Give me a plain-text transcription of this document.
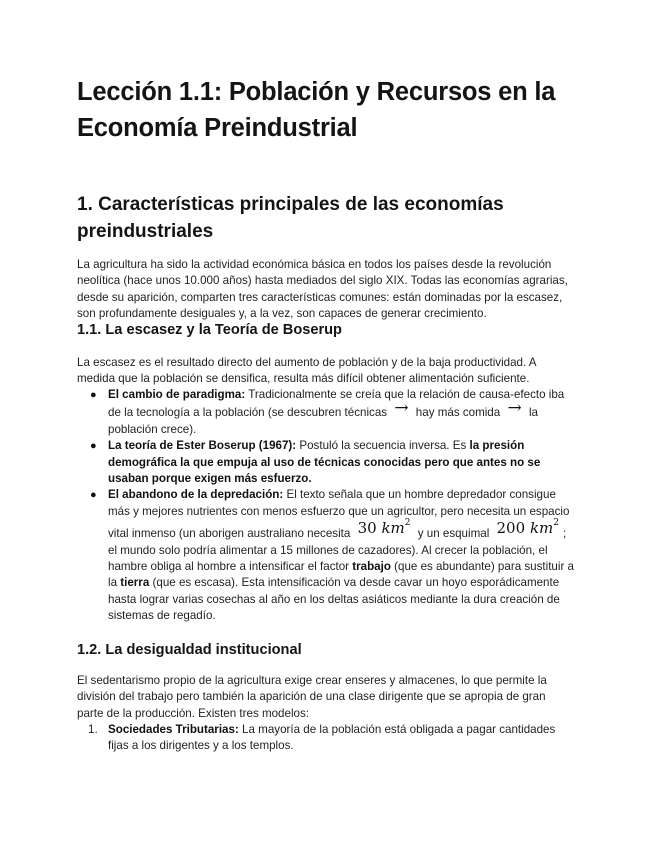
Lección 1.1: Población y Recursos en la Economía Preindustrial
1. Características principales de las economías preindustriales

La agricultura ha sido la actividad económica básica en todos los países desde la revolución neolítica (hace unos 10.000 años) hasta mediados del siglo XIX. Todas las economías agrarias, desde su aparición, comparten tres características comunes: están dominadas por la escasez, son profundamente desiguales y, a la vez, son capaces de generar crecimiento.

1.1. La escasez y la Teoría de Boserup

La escasez es el resultado directo del aumento de población y de la baja productividad. A medida que la población se densifica, resulta más difícil obtener alimentación suficiente.

● El cambio de paradigma: Tradicionalmente se creía que la relación de causa-efecto iba de la tecnología a la población (se descubren técnicas → hay más comida → la población crece).
● La teoría de Ester Boserup (1967): Postuló la secuencia inversa. Es la presión demográfica la que empuja al uso de técnicas conocidas pero que antes no se usaban porque exigen más esfuerzo.
● El abandono de la depredación: El texto señala que un hombre depredador consigue más y mejores nutrientes con menos esfuerzo que un agricultor, pero necesita un espacio vital inmenso (un aborigen australiano necesita 30 $km^2$ y un esquimal 200 $km^2$; el mundo solo podría alimentar a 15 millones de cazadores). Al crecer la población, el hambre obliga al hombre a intensificar el factor trabajo (que es abundante) para sustituir a la tierra (que es escasa). Esta intensificación va desde cavar un hoyo esporádicamente hasta lograr varias cosechas al año en los deltas asiáticos mediante la dura creación de sistemas de regadío.
1.2. La desigualdad institucional

El sedentarismo propio de la agricultura exige crear enseres y almacenes, lo que permite la división del trabajo pero también la aparición de una clase dirigente que se apropia de gran parte de la producción. Existen tres modelos:

1. Sociedades Tributarias: La mayoría de la población está obligada a pagar cantidades fijas a los dirigentes y a los templos.
